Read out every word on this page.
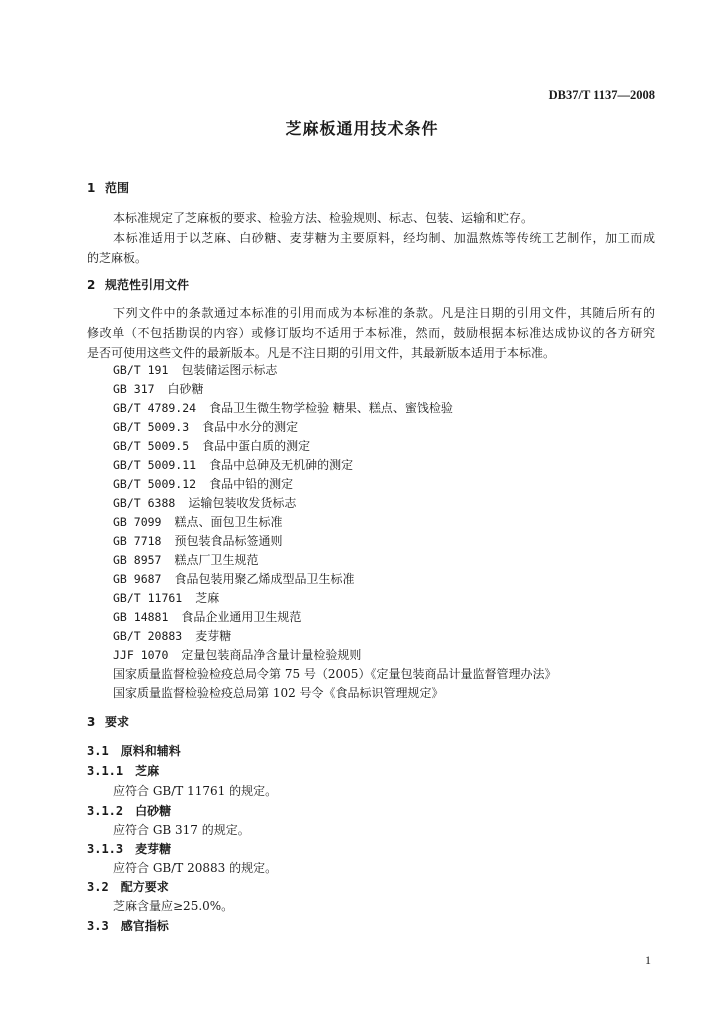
DB37/T 1137—2008
芝麻板通用技术条件
1 范围
本标准规定了芝麻板的要求、检验方法、检验规则、标志、包装、运输和贮存。
本标准适用于以芝麻、白砂糖、麦芽糖为主要原料，经均制、加温熬炼等传统工艺制作，加工而成
的芝麻板。
2 规范性引用文件
下列文件中的条款通过本标准的引用而成为本标准的条款。凡是注日期的引用文件，其随后所有的
修改单（不包括勘误的内容）或修订版均不适用于本标准，然而，鼓励根据本标准达成协议的各方研究
是否可使用这些文件的最新版本。凡是不注日期的引用文件，其最新版本适用于本标准。
GB/T 191 包装储运图示标志
GB 317 白砂糖
GB/T 4789.24 食品卫生微生物学检验 糖果、糕点、蜜饯检验
GB/T 5009.3 食品中水分的测定
GB/T 5009.5 食品中蛋白质的测定
GB/T 5009.11 食品中总砷及无机砷的测定
GB/T 5009.12 食品中铅的测定
GB/T 6388 运输包装收发货标志
GB 7099 糕点、面包卫生标准
GB 7718 预包装食品标签通则
GB 8957 糕点厂卫生规范
GB 9687 食品包装用聚乙烯成型品卫生标准
GB/T 11761 芝麻
GB 14881 食品企业通用卫生规范
GB/T 20883 麦芽糖
JJF 1070 定量包装商品净含量计量检验规则
国家质量监督检验检疫总局令第 75 号（2005）《定量包装商品计量监督管理办法》
国家质量监督检验检疫总局第 102 号令《食品标识管理规定》
3 要求
3.1 原料和辅料
3.1.1 芝麻
应符合 GB/T 11761 的规定。
3.1.2 白砂糖
应符合 GB 317 的规定。
3.1.3 麦芽糖
应符合 GB/T 20883 的规定。
3.2 配方要求
芝麻含量应≥25.0%。
3.3 感官指标
1
